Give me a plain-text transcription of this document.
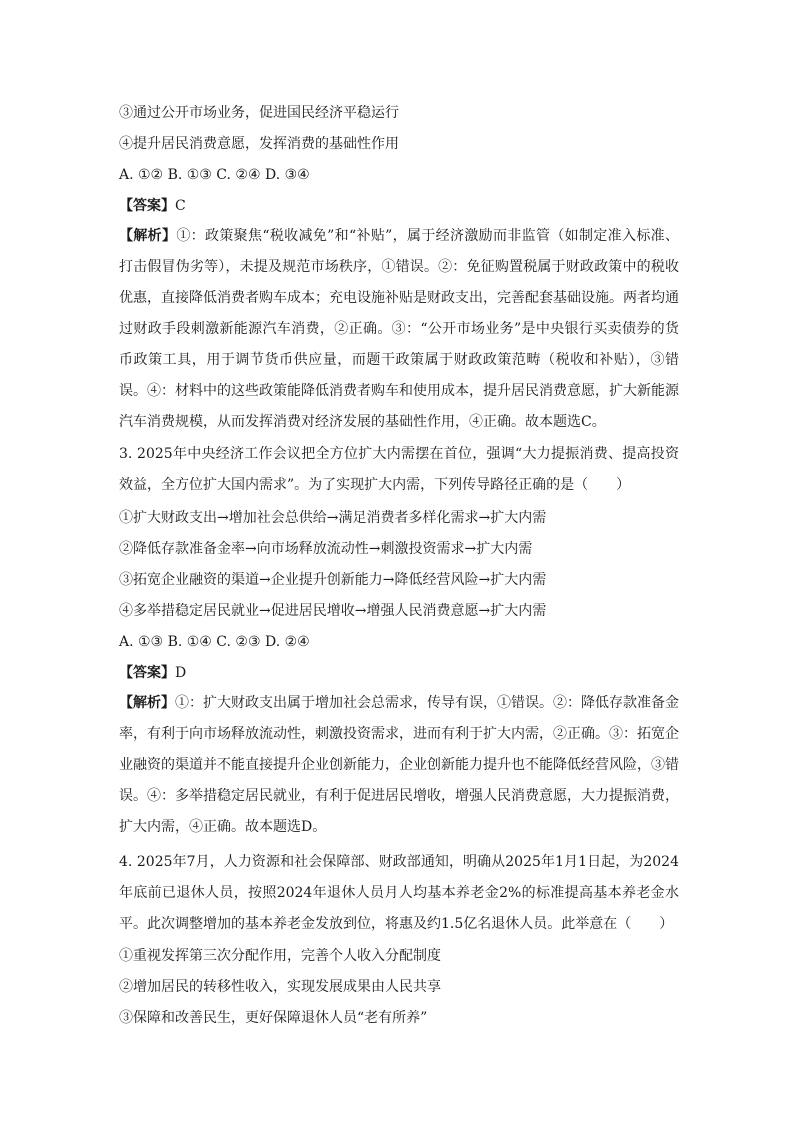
③通过公开市场业务，促进国民经济平稳运行
④提升居民消费意愿，发挥消费的基础性作用
A. ①② B. ①③ C. ②④ D. ③④
【答案】C
【解析】①：政策聚焦“税收减免”和“补贴”，属于经济激励而非监管（如制定准入标准、打击假冒伪劣等），未提及规范市场秩序，①错误。②：免征购置税属于财政政策中的税收优惠，直接降低消费者购车成本；充电设施补贴是财政支出，完善配套基础设施。两者均通过财政手段刺激新能源汽车消费，②正确。③：“公开市场业务”是中央银行买卖债券的货币政策工具，用于调节货币供应量，而题干政策属于财政政策范畴（税收和补贴），③错误。④：材料中的这些政策能降低消费者购车和使用成本，提升居民消费意愿，扩大新能源汽车消费规模，从而发挥消费对经济发展的基础性作用，④正确。故本题选C。
3. 2025年中央经济工作会议把全方位扩大内需摆在首位，强调“大力提振消费、提高投资效益，全方位扩大国内需求”。为了实现扩大内需，下列传导路径正确的是（　　）
①扩大财政支出→增加社会总供给→满足消费者多样化需求→扩大内需
②降低存款准备金率→向市场释放流动性→刺激投资需求→扩大内需
③拓宽企业融资的渠道→企业提升创新能力→降低经营风险→扩大内需
④多举措稳定居民就业→促进居民增收→增强人民消费意愿→扩大内需
A. ①③ B. ①④ C. ②③ D. ②④
【答案】D
【解析】①：扩大财政支出属于增加社会总需求，传导有误，①错误。②：降低存款准备金率，有利于向市场释放流动性，刺激投资需求，进而有利于扩大内需，②正确。③：拓宽企业融资的渠道并不能直接提升企业创新能力，企业创新能力提升也不能降低经营风险，③错误。④：多举措稳定居民就业，有利于促进居民增收，增强人民消费意愿，大力提振消费，扩大内需，④正确。故本题选D。
4. 2025年7月，人力资源和社会保障部、财政部通知，明确从2025年1月1日起，为2024年底前已退休人员，按照2024年退休人员月人均基本养老金2%的标准提高基本养老金水平。此次调整增加的基本养老金发放到位，将惠及约1.5亿名退休人员。此举意在（　　）
①重视发挥第三次分配作用，完善个人收入分配制度
②增加居民的转移性收入，实现发展成果由人民共享
③保障和改善民生，更好保障退休人员“老有所养”
